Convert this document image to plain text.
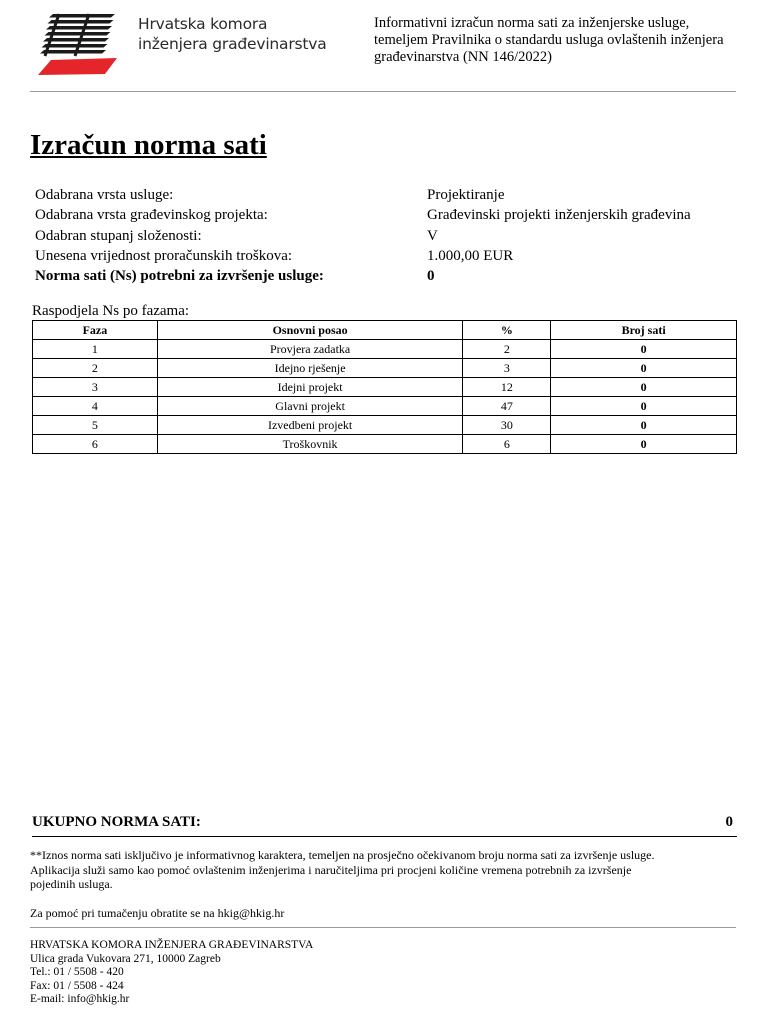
Hrvatska komora
inženjera građevinarstva
Informativni izračun norma sati za inženjerske usluge, temeljem Pravilnika o standardu usluga ovlaštenih inženjera građevinarstva (NN 146/2022)
Izračun norma sati
Odabrana vrsta usluge:	Projektiranje
Odabrana vrsta građevinskog projekta:	Građevinski projekti inženjerskih građevina
Odabran stupanj složenosti:	V
Unesena vrijednost proračunskih troškova:	1.000,00 EUR
Norma sati (Ns) potrebni za izvršenje usluge:	0
Raspodjela Ns po fazama:
Faza	Osnovni posao	%	Broj sati
1	Provjera zadatka	2	0
2	Idejno rješenje	3	0
3	Idejni projekt	12	0
4	Glavni projekt	47	0
5	Izvedbeni projekt	30	0
6	Troškovnik	6	0
UKUPNO NORMA SATI:	0
**Iznos norma sati isključivo je informativnog karaktera, temeljen na prosječno očekivanom broju norma sati za izvršenje usluge. Aplikacija služi samo kao pomoć ovlaštenim inženjerima i naručiteljima pri procjeni količine vremena potrebnih za izvršenje pojedinih usluga.
Za pomoć pri tumačenju obratite se na hkig@hkig.hr
HRVATSKA KOMORA INŽENJERA GRAĐEVINARSTVA
Ulica grada Vukovara 271, 10000 Zagreb
Tel.: 01 / 5508 - 420
Fax: 01 / 5508 - 424
E-mail: info@hkig.hr
